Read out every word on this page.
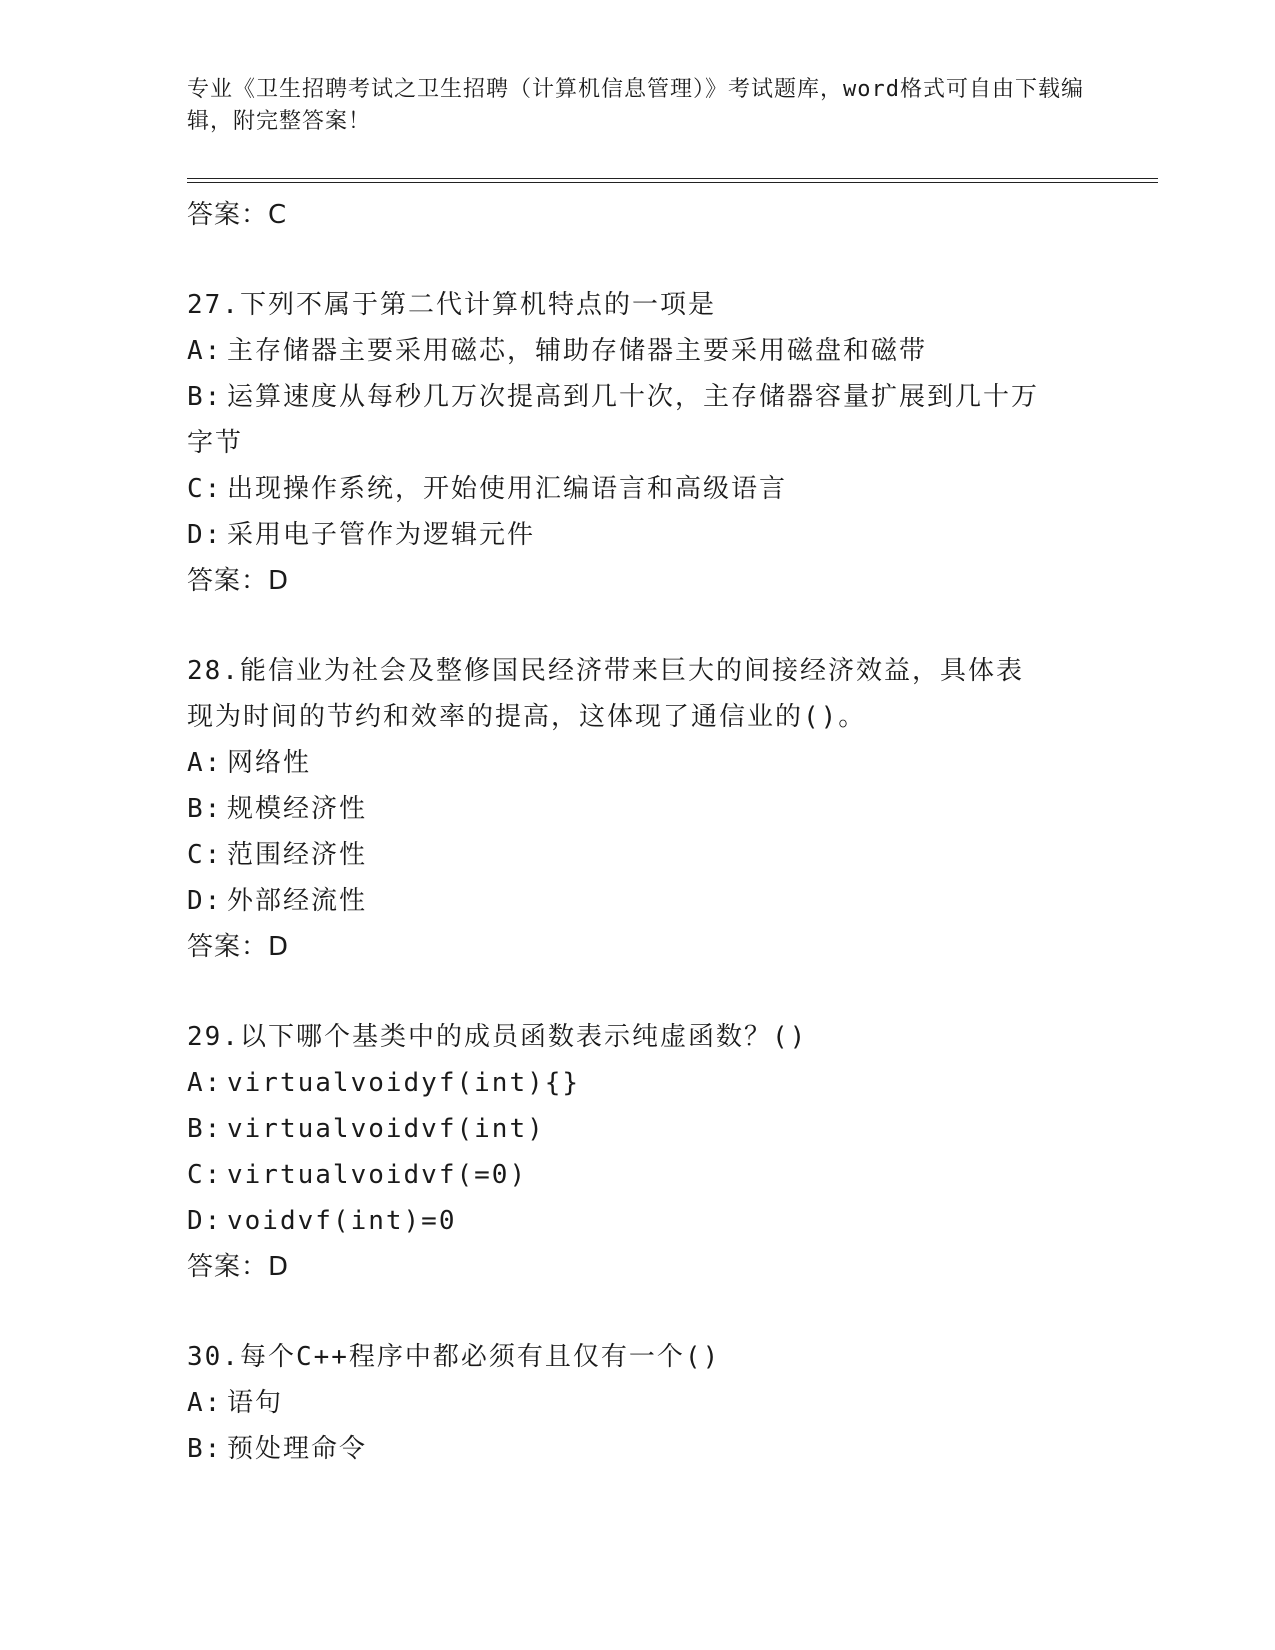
专业《卫生招聘考试之卫生招聘（计算机信息管理）》考试题库，word格式可自由下载编辑，附完整答案！
答案：C
27.下列不属于第二代计算机特点的一项是
A: 主存储器主要采用磁芯，辅助存储器主要采用磁盘和磁带
B: 运算速度从每秒几万次提高到几十次，主存储器容量扩展到几十万字节
C: 出现操作系统，开始使用汇编语言和高级语言
D: 采用电子管作为逻辑元件
答案：D
28.能信业为社会及整修国民经济带来巨大的间接经济效益，具体表现为时间的节约和效率的提高，这体现了通信业的()。
A: 网络性
B: 规模经济性
C: 范围经济性
D: 外部经流性
答案：D
29.以下哪个基类中的成员函数表示纯虚函数？()
A: virtualvoidyf(int){}
B: virtualvoidvf(int)
C: virtualvoidvf(=0)
D: voidvf(int)=0
答案：D
30.每个C++程序中都必须有且仅有一个()
A: 语句
B: 预处理命令
